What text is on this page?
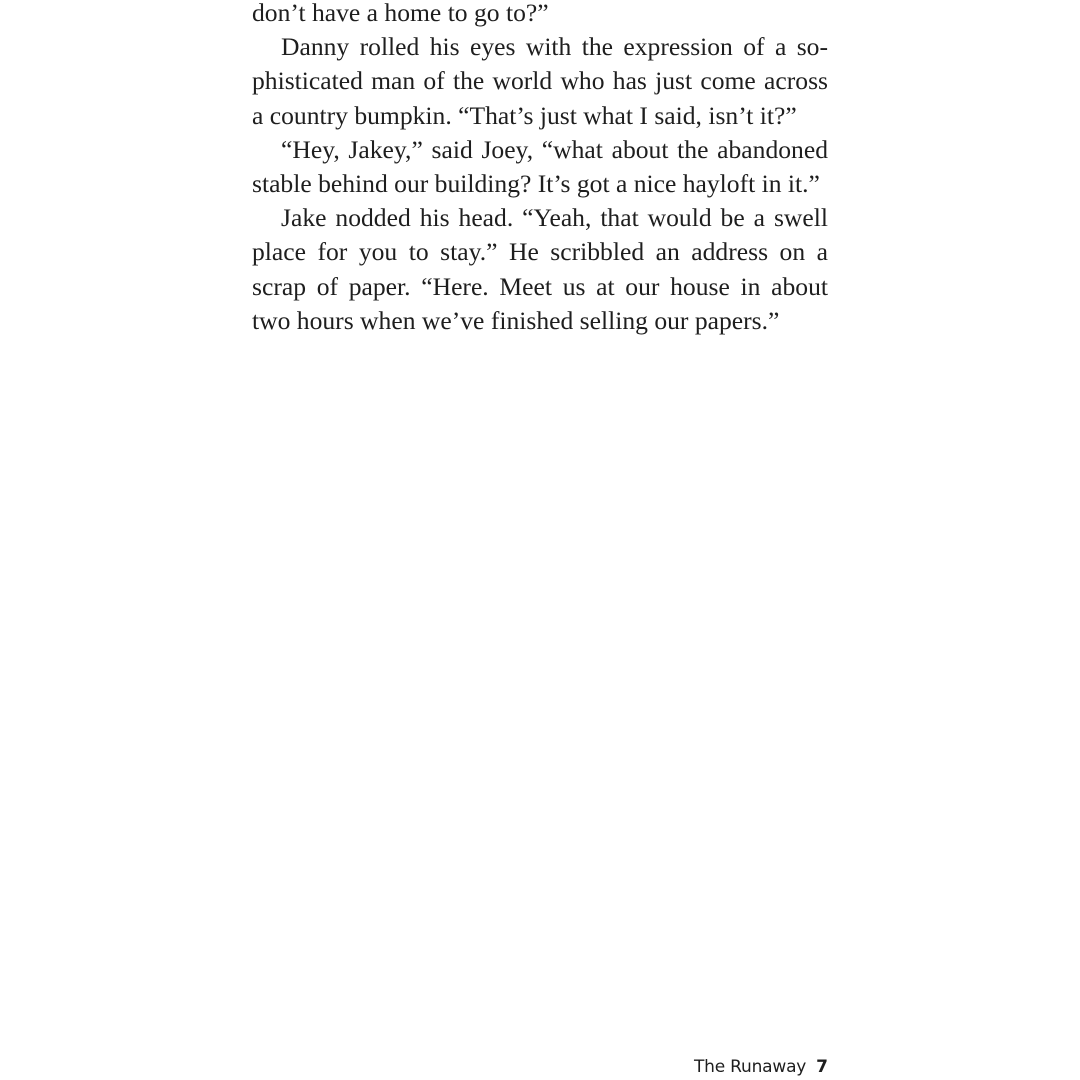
don’t have a home to go to?”

Danny rolled his eyes with the expression of a sophisticated man of the world who has just come across a country bumpkin. “That’s just what I said, isn’t it?”

“Hey, Jakey,” said Joey, “what about the abandoned stable behind our building? It’s got a nice hayloft in it.”

Jake nodded his head. “Yeah, that would be a swell place for you to stay.” He scribbled an address on a scrap of paper. “Here. Meet us at our house in about two hours when we’ve finished selling our papers.”

The Runaway 7
